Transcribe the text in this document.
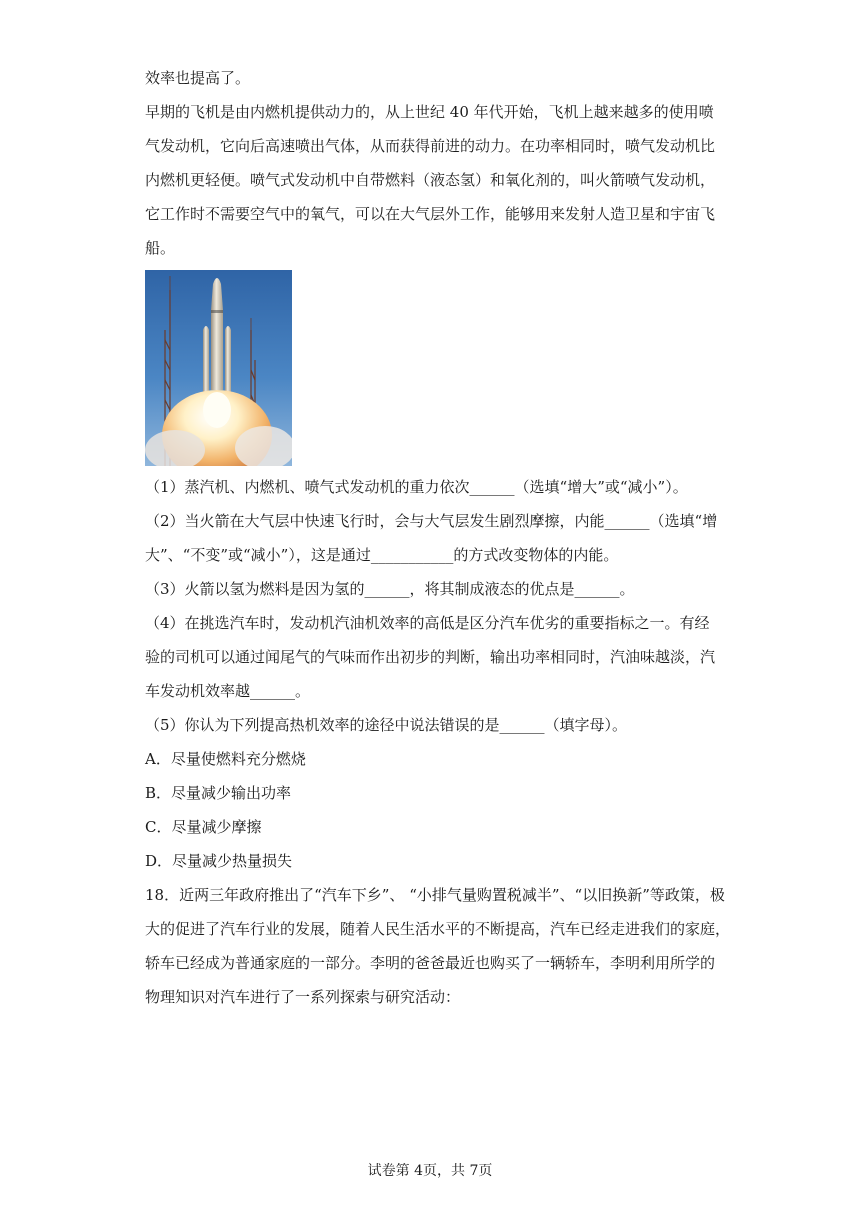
效率也提高了。
早期的飞机是由内燃机提供动力的，从上世纪 40 年代开始，飞机上越来越多的使用喷
气发动机，它向后高速喷出气体，从而获得前进的动力。在功率相同时，喷气发动机比
内燃机更轻便。喷气式发动机中自带燃料（液态氢）和氧化剂的，叫火箭喷气发动机，
它工作时不需要空气中的氧气，可以在大气层外工作，能够用来发射人造卫星和宇宙飞
船。
（1）蒸汽机、内燃机、喷气式发动机的重力依次______（选填“增大”或“减小”）。
（2）当火箭在大气层中快速飞行时，会与大气层发生剧烈摩擦，内能______（选填“增
大”、“不变”或“减小”），这是通过___________的方式改变物体的内能。
（3）火箭以氢为燃料是因为氢的______，将其制成液态的优点是______。
（4）在挑选汽车时，发动机汽油机效率的高低是区分汽车优劣的重要指标之一。有经
验的司机可以通过闻尾气的气味而作出初步的判断，输出功率相同时，汽油味越淡，汽
车发动机效率越______。
（5）你认为下列提高热机效率的途径中说法错误的是______（填字母）。
A．尽量使燃料充分燃烧
B．尽量减少输出功率
C．尽量减少摩擦
D．尽量减少热量损失
18．近两三年政府推出了“汽车下乡”、 “小排气量购置税减半”、“以旧换新”等政策，极
大的促进了汽车行业的发展，随着人民生活水平的不断提高，汽车已经走进我们的家庭，
轿车已经成为普通家庭的一部分。李明的爸爸最近也购买了一辆轿车，李明利用所学的
物理知识对汽车进行了一系列探索与研究活动：
试卷第 4页，共 7页
